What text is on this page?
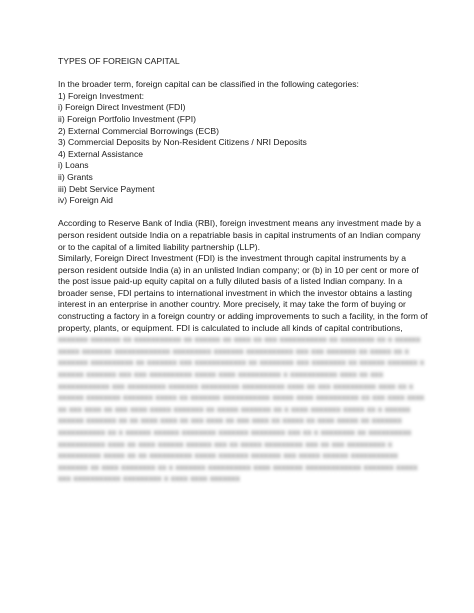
TYPES OF FOREIGN CAPITAL

In the broader term, foreign capital can be classified in the following categories:

1) Foreign Investment:
i) Foreign Direct Investment (FDI)
ii) Foreign Portfolio Investment (FPI)
2) External Commercial Borrowings (ECB)
3) Commercial Deposits by Non-Resident Citizens / NRI Deposits
4) External Assistance
i) Loans
ii) Grants
iii) Debt Service Payment
iv) Foreign Aid

According to Reserve Bank of India (RBI), foreign investment means any investment made by a person resident outside India on a repatriable basis in capital instruments of an Indian company or to the capital of a limited liability partnership (LLP).

Similarly, Foreign Direct Investment (FDI) is the investment through capital instruments by a person resident outside India (a) in an unlisted Indian company; or (b) in 10 per cent or more of the post issue paid-up equity capital on a fully diluted basis of a listed Indian company. In a broader sense, FDI pertains to international investment in which the investor obtains a lasting interest in an enterprise in another country. More precisely, it may take the form of buying or constructing a factory in a foreign country or adding improvements to such a facility, in the form of property, plants, or equipment. FDI is calculated to include all kinds of capital contributions,

xxxxxxx xxxxxxx xx xxxxxxxxxxx xx xxxxxx xx xxxx xx xxx xxxxxxxxxxx xx xxxxxxxx xx x xxxxxx xxxxx xxxxxxx xxxxxxxxxxxxx xxxxxxxxx xxxxxxx xxxxxxxxxxx xxx xxx xxxxxxx xx xxxxx xx x xxxxxxx xxxxxxxxxx xx xxxxxxx xxx xxxxxxxxxxxx xx xxxxxxxx xxx xxxxxxxx xx xxxxxx xxxxxxx x xxxxxx xxxxxxx xxx xxx xxxxxxxxxx xxxxx xxxx xxxxxxxxxx x xxxxxxxxxxx xxxx xx xxx xxxxxxxxxxxx xxx xxxxxxxxx xxxxxxx xxxxxxxxx xxxxxxxxxx xxxx xx xxx xxxxxxxxxx xxxx xx x xxxxxx xxxxxxxx xxxxxxx xxxxx xx xxxxxxx xxxxxxxxxxx xxxxx xxxx xxxxxxxxxx xx xxx xxxx xxxx xx xxx xxxx xx xxx xxxx xxxxx xxxxxxx xx xxxxx xxxxxxx xx x xxxx xxxxxxx xxxxx xx x xxxxxx xxxxxx xxxxxxx xx xx xxxx xxxx xx xxx xxxx xx xxx xxxx xx xxxxx xx xxxx xxxxx xx xxxxxxx xxxxxxxxxxx xx x xxxxxx xxxxxx xxxxxxxx xxxxxxx xxxxxxxx xxx xx x xxxxxxxx xx xxxxxxxxxx xxxxxxxxxxx xxxx xx xxxx xxxxxx xxxxxx xxx xx xxxxx xxxxxxxxx xxx xx xxx xxxxxxxxx x xxxxxxxxxx xxxxx xx xx xxxxxxxxxx xxxxx xxxxxxx xxxxxxx xxx xxxxx xxxxxx xxxxxxxxxxx xxxxxxx xx xxxx xxxxxxxx xx x xxxxxxx xxxxxxxxxx xxxx xxxxxxx xxxxxxxxxxxxx xxxxxxx xxxxx xxx xxxxxxxxxxx xxxxxxxxx x xxxx xxxx xxxxxxx
